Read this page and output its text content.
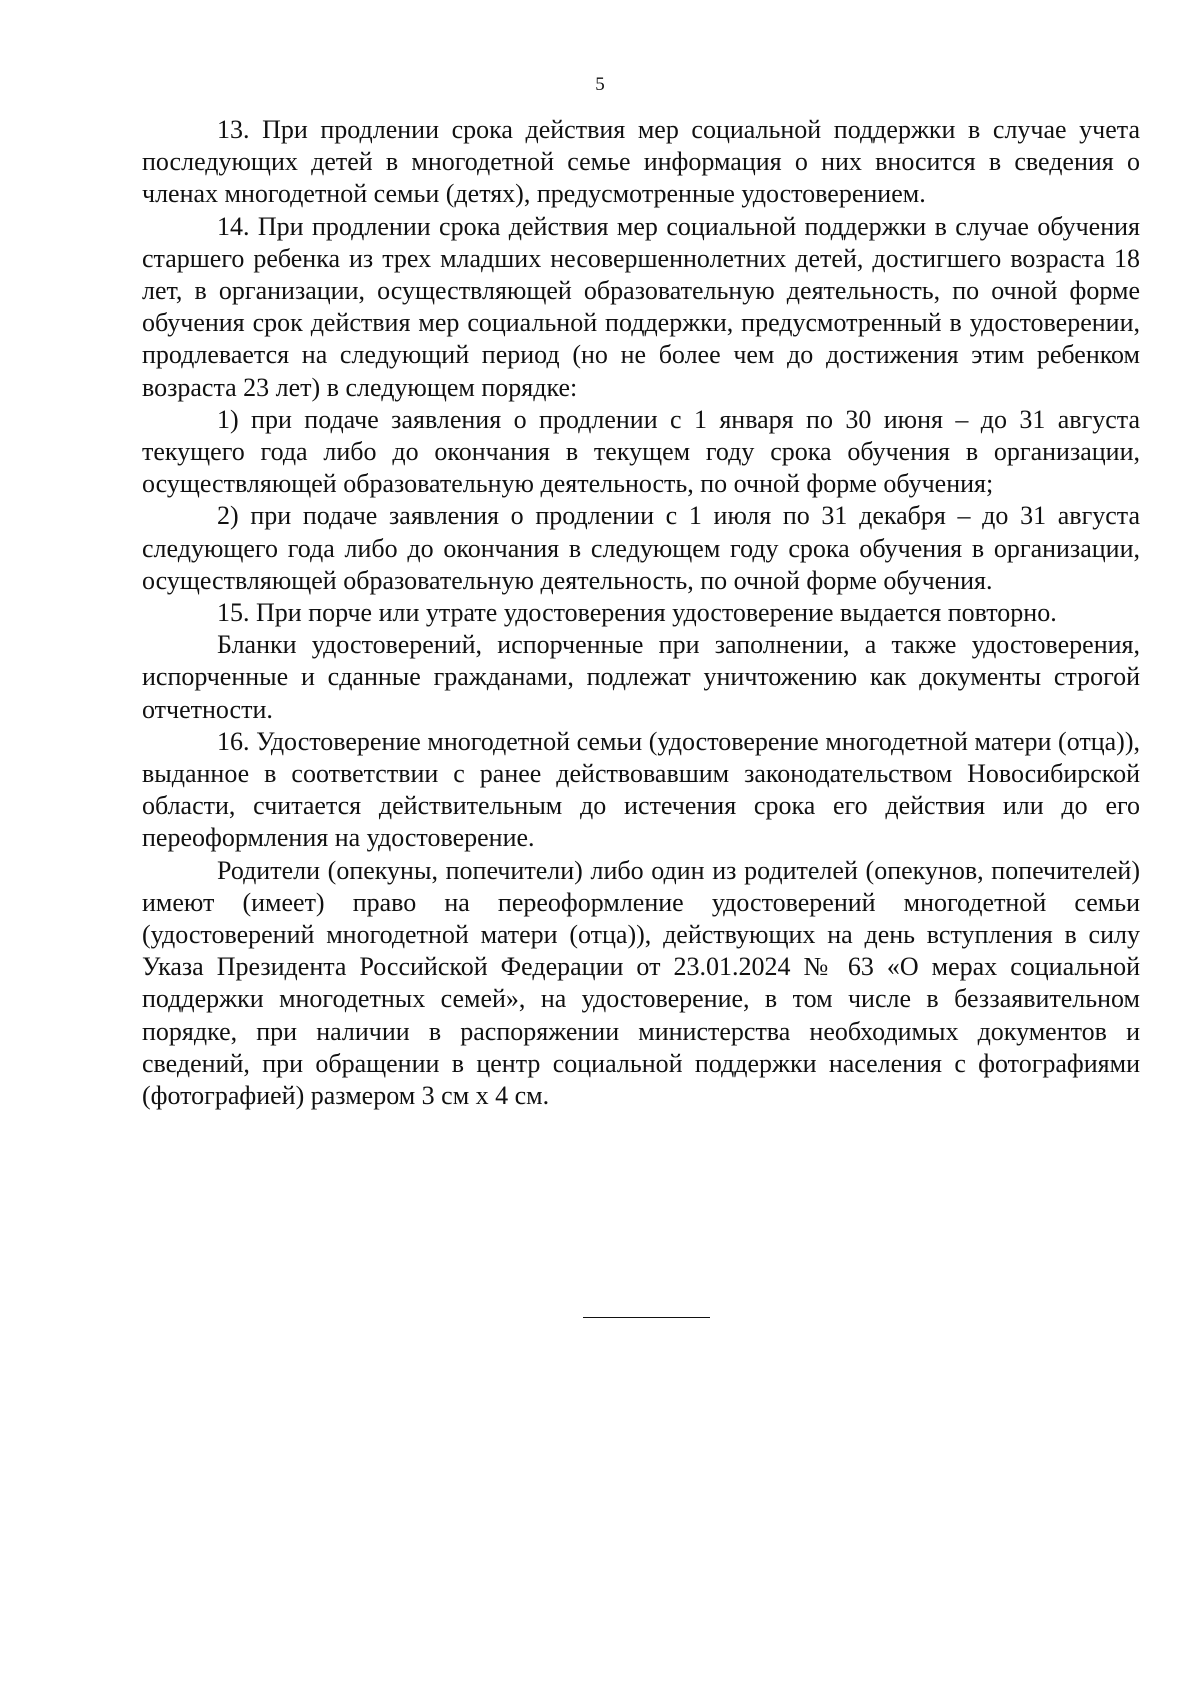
5

13. При продлении срока действия мер социальной поддержки в случае учета последующих детей в многодетной семье информация о них вносится в сведения о членах многодетной семьи (детях), предусмотренные удостоверением.

14. При продлении срока действия мер социальной поддержки в случае обучения старшего ребенка из трех младших несовершеннолетних детей, достигшего возраста 18 лет, в организации, осуществляющей образовательную деятельность, по очной форме обучения срок действия мер социальной поддержки, предусмотренный в удостоверении, продлевается на следующий период (но не более чем до достижения этим ребенком возраста 23 лет) в следующем порядке:

1) при подаче заявления о продлении с 1 января по 30 июня – до 31 августа текущего года либо до окончания в текущем году срока обучения в организации, осуществляющей образовательную деятельность, по очной форме обучения;

2) при подаче заявления о продлении с 1 июля по 31 декабря – до 31 августа следующего года либо до окончания в следующем году срока обучения в организации, осуществляющей образовательную деятельность, по очной форме обучения.

15. При порче или утрате удостоверения удостоверение выдается повторно.

Бланки удостоверений, испорченные при заполнении, а также удостоверения, испорченные и сданные гражданами, подлежат уничтожению как документы строгой отчетности.

16. Удостоверение многодетной семьи (удостоверение многодетной матери (отца)), выданное в соответствии с ранее действовавшим законодательством Новосибирской области, считается действительным до истечения срока его действия или до его переоформления на удостоверение.

Родители (опекуны, попечители) либо один из родителей (опекунов, попечителей) имеют (имеет) право на переоформление удостоверений многодетной семьи (удостоверений многодетной матери (отца)), действующих на день вступления в силу Указа Президента Российской Федерации от 23.01.2024 № 63 «О мерах социальной поддержки многодетных семей», на удостоверение, в том числе в беззаявительном порядке, при наличии в распоряжении министерства необходимых документов и сведений, при обращении в центр социальной поддержки населения с фотографиями (фотографией) размером 3 см х 4 см.
